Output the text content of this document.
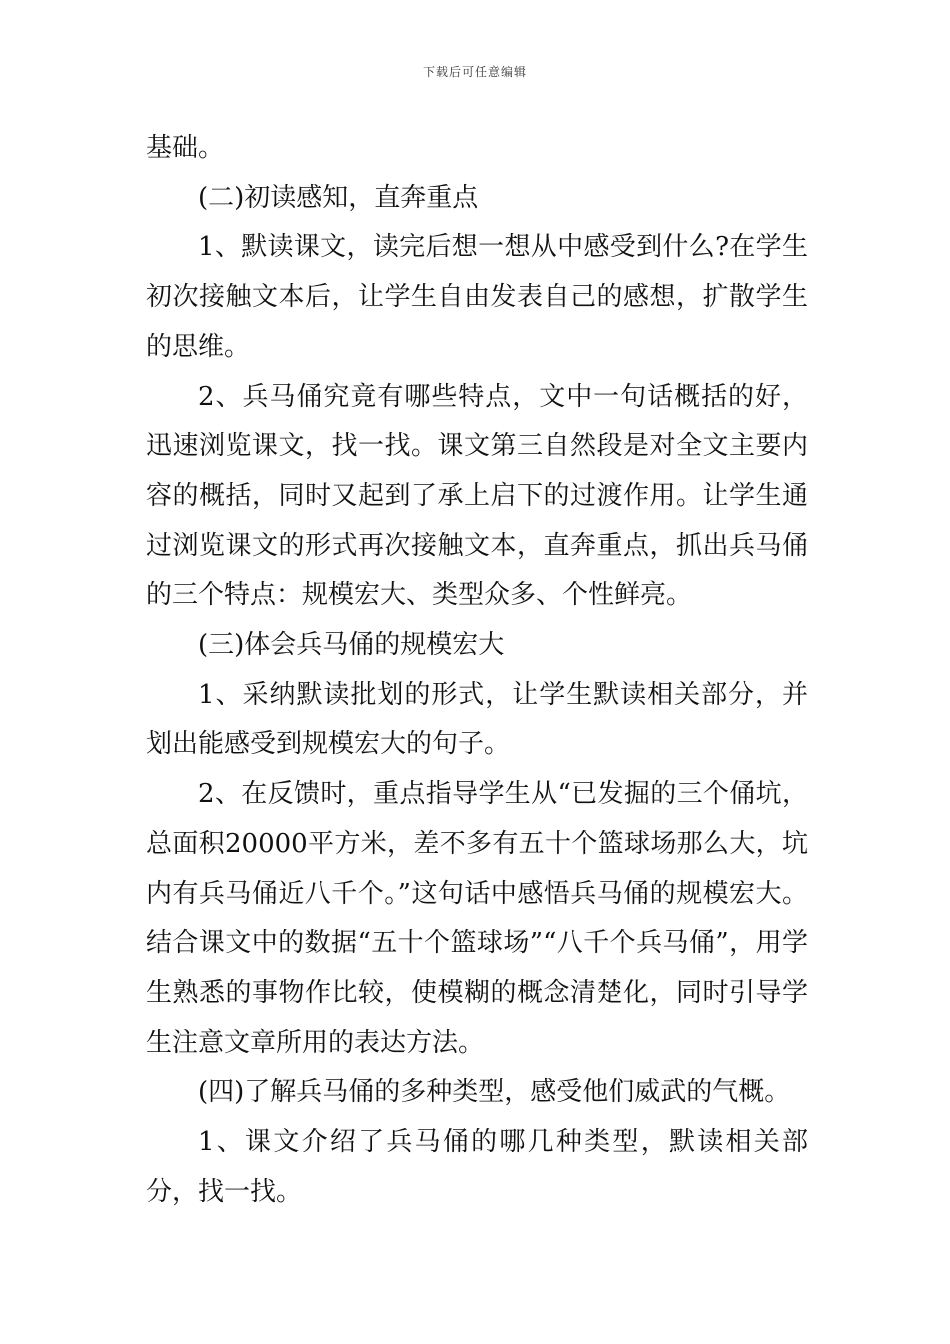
下载后可任意编辑

基础。

(二)初读感知，直奔重点

1、默读课文，读完后想一想从中感受到什么?在学生初次接触文本后，让学生自由发表自己的感想，扩散学生的思维。

2、兵马俑究竟有哪些特点，文中一句话概括的好，迅速浏览课文，找一找。课文第三自然段是对全文主要内容的概括，同时又起到了承上启下的过渡作用。让学生通过浏览课文的形式再次接触文本，直奔重点，抓出兵马俑的三个特点：规模宏大、类型众多、个性鲜亮。

(三)体会兵马俑的规模宏大

1、采纳默读批划的形式，让学生默读相关部分，并划出能感受到规模宏大的句子。

2、在反馈时，重点指导学生从“已发掘的三个俑坑，总面积20000平方米，差不多有五十个篮球场那么大，坑内有兵马俑近八千个。”这句话中感悟兵马俑的规模宏大。结合课文中的数据“五十个篮球场”“八千个兵马俑”，用学生熟悉的事物作比较，使模糊的概念清楚化，同时引导学生注意文章所用的表达方法。

(四)了解兵马俑的多种类型，感受他们威武的气概。

1、课文介绍了兵马俑的哪几种类型，默读相关部分，找一找。
